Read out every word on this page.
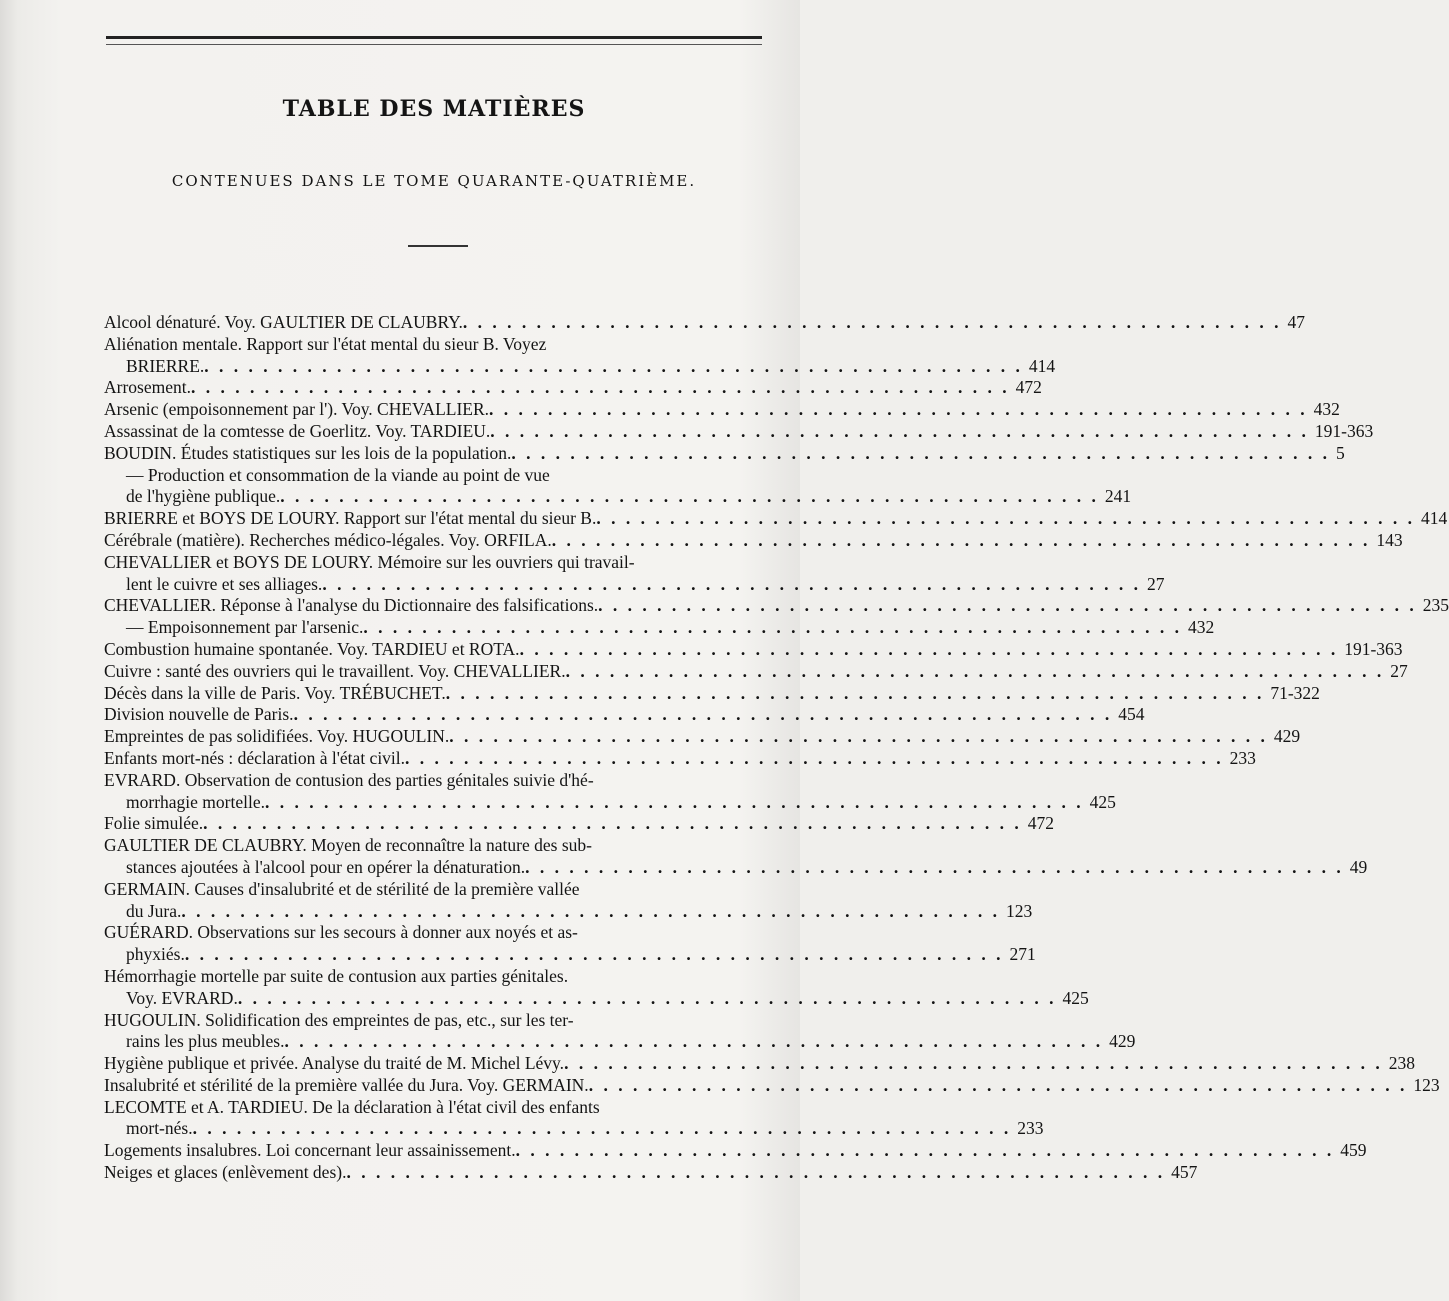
TABLE DES MATIÈRES
CONTENUES DANS LE TOME QUARANTE-QUATRIÈME.
Alcool dénaturé. Voy. GAULTIER DE CLAUBRY. . . .	47
Aliénation mentale. Rapport sur l'état mental du sieur B. Voyez
BRIERRE. . . .	414
Arrosement. . . .	472
Arsenic (empoisonnement par l'). Voy. CHEVALLIER. . . .	432
Assassinat de la comtesse de Goerlitz. Voy. TARDIEU. . . .	191-363
BOUDIN. Études statistiques sur les lois de la population. . . .	5
— Production et consommation de la viande au point de vue
de l'hygiène publique. . . .	241
BRIERRE et BOYS DE LOURY. Rapport sur l'état mental du sieur B. . . .	414
Cérébrale (matière). Recherches médico-légales. Voy. ORFILA. . . .	143
CHEVALLIER et BOYS DE LOURY. Mémoire sur les ouvriers qui travail-
lent le cuivre et ses alliages. . . .	27
CHEVALLIER. Réponse à l'analyse du Dictionnaire des falsifications. . . .	235
— Empoisonnement par l'arsenic. . . .	432
Combustion humaine spontanée. Voy. TARDIEU et ROTA. . . .	191-363
Cuivre : santé des ouvriers qui le travaillent. Voy. CHEVALLIER. . . .	27
Décès dans la ville de Paris. Voy. TRÉBUCHET. . . .	71-322
Division nouvelle de Paris. . . .	454
Empreintes de pas solidifiées. Voy. HUGOULIN. . . .	429
Enfants mort-nés : déclaration à l'état civil. . . .	233
EVRARD. Observation de contusion des parties génitales suivie d'hé-
morrhagie mortelle. . . .	425
Folie simulée. . . .	472
GAULTIER DE CLAUBRY. Moyen de reconnaître la nature des sub-
stances ajoutées à l'alcool pour en opérer la dénaturation. . . .	49
GERMAIN. Causes d'insalubrité et de stérilité de la première vallée
du Jura. . . .	123
GUÉRARD. Observations sur les secours à donner aux noyés et as-
phyxiés. . . .	271
Hémorrhagie mortelle par suite de contusion aux parties génitales.
Voy. EVRARD. . . .	425
HUGOULIN. Solidification des empreintes de pas, etc., sur les ter-
rains les plus meubles. . . .	429
Hygiène publique et privée. Analyse du traité de M. Michel Lévy. . . .	238
Insalubrité et stérilité de la première vallée du Jura. Voy. GERMAIN. . . .	123
LECOMTE et A. TARDIEU. De la déclaration à l'état civil des enfants
mort-nés. . . .	233
Logements insalubres. Loi concernant leur assainissement. . . .	459
Neiges et glaces (enlèvement des). . . .	457
